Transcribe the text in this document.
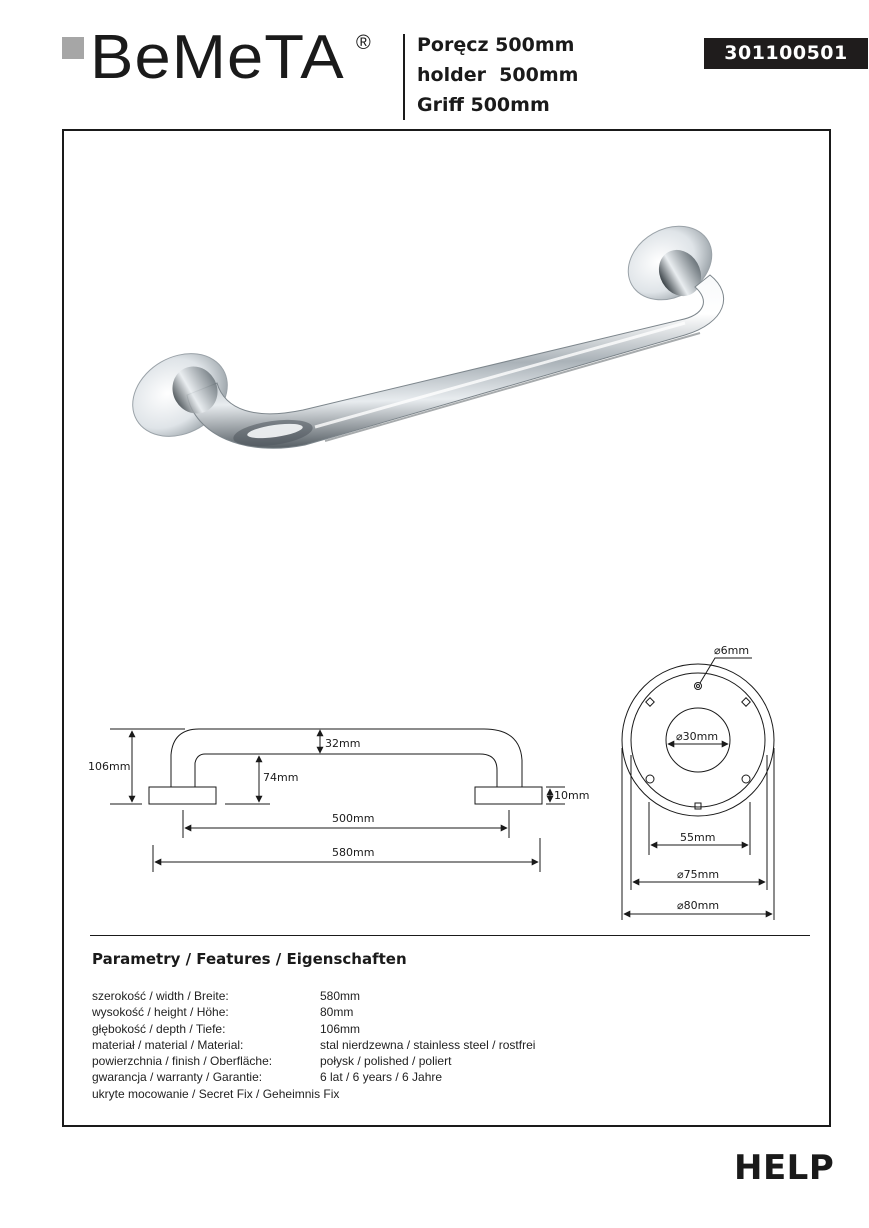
BeMeTA ® Poręcz 500mm
holder  500mm
Griff 500mm
301100501
106mm
32mm
74mm
10mm
500mm
580mm
⌀6mm
⌀30mm
55mm
⌀75mm
⌀80mm
Parametry / Features / Eigenschaften
szerokość / width / Breite:	580mm
wysokość / height / Höhe:	80mm
głębokość / depth / Tiefe:	106mm
materiał / material / Material:	stal nierdzewna / stainless steel / rostfrei
powierzchnia / finish / Oberfläche:	połysk / polished / poliert
gwarancja / warranty / Garantie:	6 lat / 6 years / 6 Jahre
ukryte mocowanie / Secret Fix / Geheimnis Fix
HELP
